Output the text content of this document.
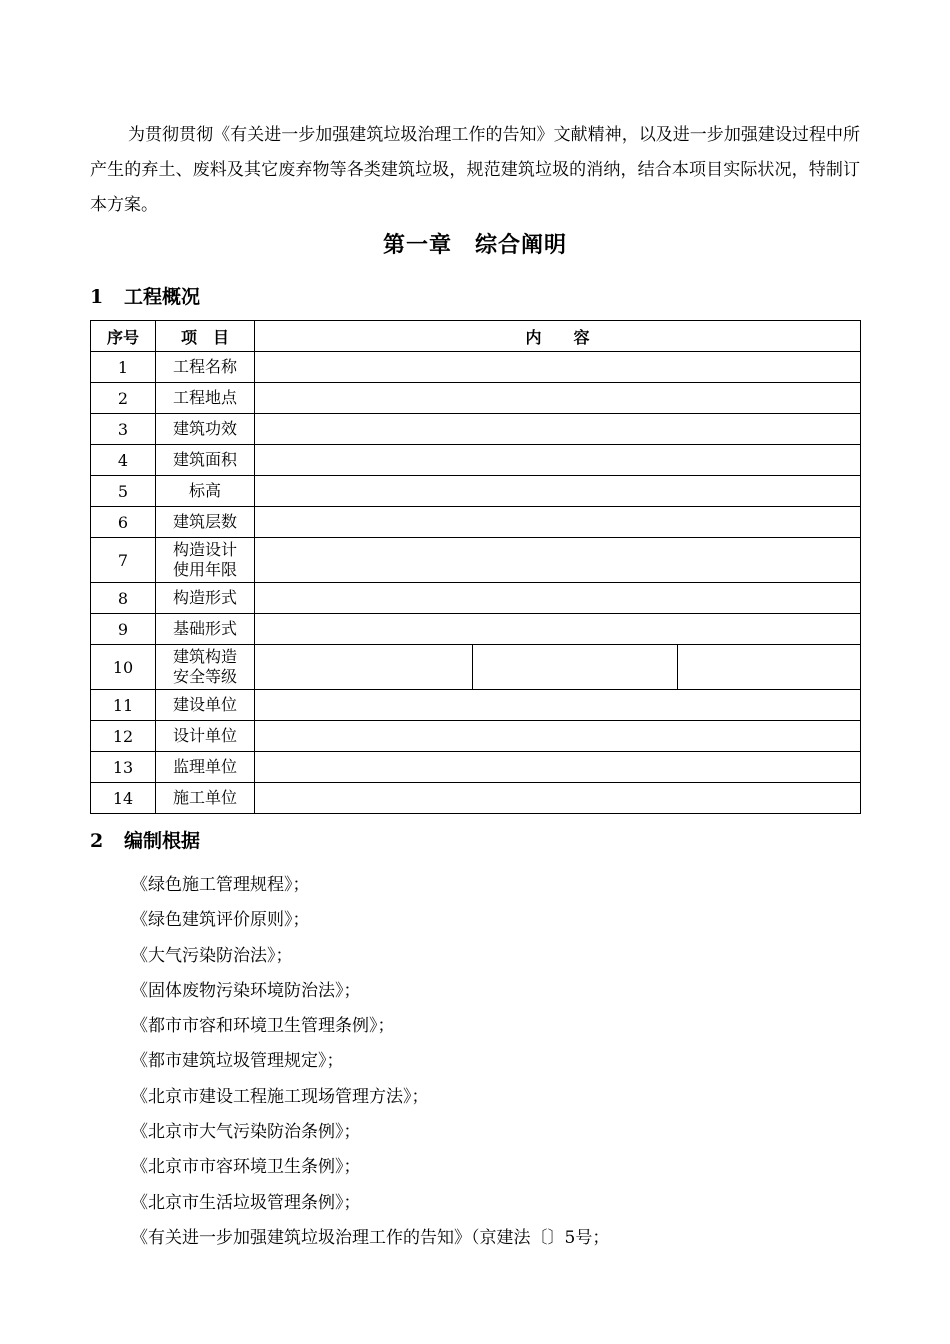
为贯彻贯彻《有关进一步加强建筑垃圾治理工作的告知》文献精神，以及进一步加强建设过程中所产生的弃土、废料及其它废弃物等各类建筑垃圾，规范建筑垃圾的消纳，结合本项目实际状况，特制订本方案。

第一章　综合阐明
1 工程概况
序号	项　目	内　　容		
1	工程名称			
2	工程地点			
3	建筑功效			
4	建筑面积			
5	标高			
6	建筑层数			
7	构造设计
使用年限			
8	构造形式			
9	基础形式			
10	建筑构造
安全等级			
11	建设单位			
12	设计单位			
13	监理单位			
14	施工单位			
2 编制根据
《绿色施工管理规程》；
《绿色建筑评价原则》；
《大气污染防治法》；
《固体废物污染环境防治法》；
《都市市容和环境卫生管理条例》；
《都市建筑垃圾管理规定》；
《北京市建设工程施工现场管理方法》；
《北京市大气污染防治条例》；
《北京市市容环境卫生条例》；
《北京市生活垃圾管理条例》；
《有关进一步加强建筑垃圾治理工作的告知》（京建法〔〕5号；
